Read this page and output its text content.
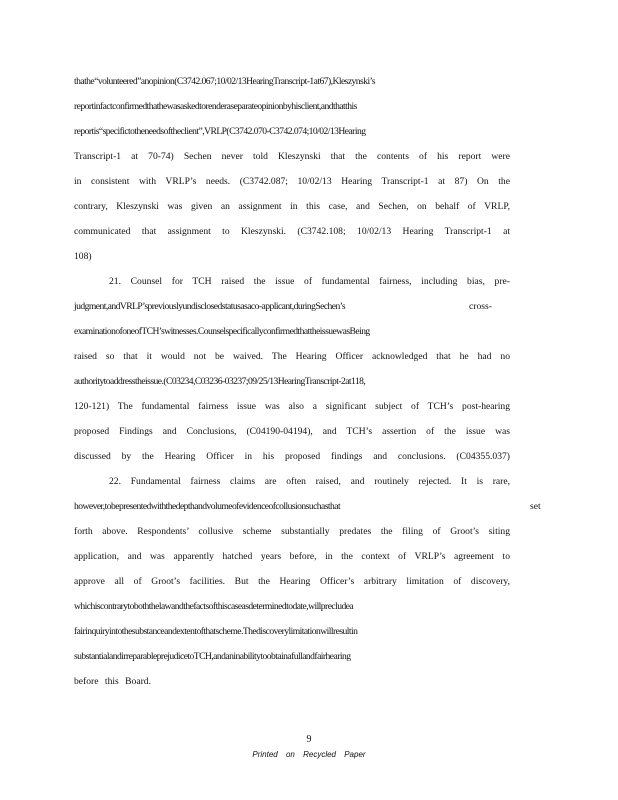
thathe“volunteered”anopinion(C3742.067;10/02/13HearingTranscript-1at67),Kleszynski’s
reportinfactconfirmedthathewasaskedtorenderaseparateopinionbyhisclient,andthatthis
reportis“specifictotheneedsoftheclient”,VRLP(C3742.070-C3742.074;10/02/13Hearing
Transcript-1 at 70-74) Sechen never told Kleszynski that the contents of his report were
in consistent with VRLP’s needs. (C3742.087; 10/02/13 Hearing Transcript-1 at 87) On the
contrary, Kleszynski was given an assignment in this case, and Sechen, on behalf of VRLP,
communicated that assignment to Kleszynski. (C3742.108; 10/02/13 Hearing Transcript-1 at
108)
21. Counsel for TCH raised the issue of fundamental fairness, including bias, pre-
judgment,andVRLP’spreviouslyundisclosedstatusasaco-applicant,duringSechen’s	cross-
examinationofoneofTCH’switnesses.CounselspecificallyconfirmedthattheissuewasBeing
raised so that it would not be waived. The Hearing Officer acknowledged that he had no
authoritytoaddresstheissue.(C03234,C03236-03237;09/25/13HearingTranscript-2at118,
120-121) The fundamental fairness issue was also a significant subject of TCH’s post-hearing
proposed Findings and Conclusions, (C04190-04194), and TCH’s assertion of the issue was
discussed by the Hearing Officer in his proposed findings and conclusions. (C04355.037)
22. Fundamental fairness claims are often raised, and routinely rejected. It is rare,
however,tobepresentedwiththedepthandvolumeofevidenceofcollusionsuchasthat	set
forth above. Respondents’ collusive scheme substantially predates the filing of Groot’s siting
application, and was apparently hatched years before, in the context of VRLP’s agreement to
approve all of Groot’s facilities. But the Hearing Officer’s arbitrary limitation of discovery,
whichiscontrarytoboththelawandthefactsofthiscaseasdeterminedtodate,willprecludea
fairinquiryintothesubstanceandextentofthatscheme.Thediscoverylimitationwillresultin
substantialandirreparableprejudicetoTCH,andaninabilitytoobtainafullandfairhearing
before this Board.
9
Printed on Recycled Paper
